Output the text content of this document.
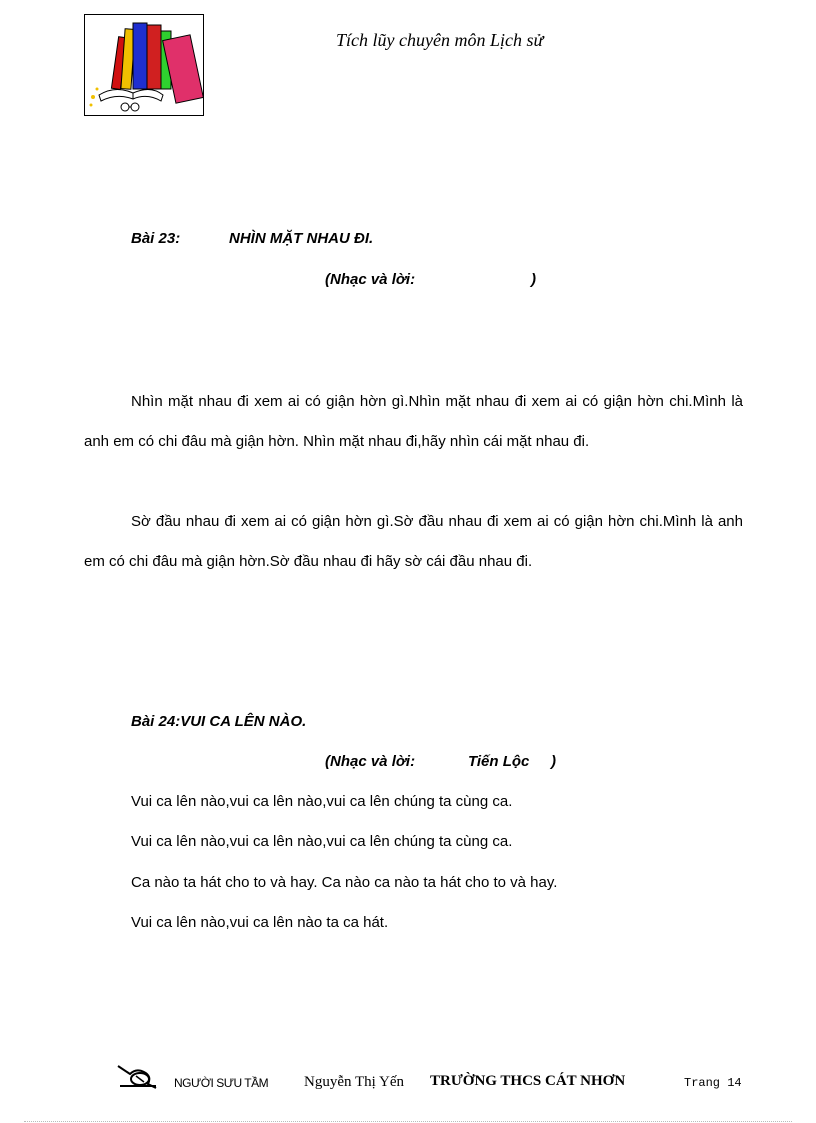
Tích lũy chuyên môn Lịch sử
Bài 23:	NHÌN MẶT NHAU ĐI.
(Nhạc và lời:	)

Nhìn mặt nhau đi xem ai có giận hờn gì.Nhìn mặt nhau đi xem ai có giận hờn chi.Mình là anh em có chi đâu mà giận hờn. Nhìn mặt nhau đi,hãy nhìn cái mặt nhau đi.

Sờ đầu nhau đi xem ai có giận hờn gì.Sờ đầu nhau đi xem ai có giận hờn chi.Mình là anh em có chi đâu mà giận hờn.Sờ đầu nhau đi hãy sờ cái đầu nhau đi.

Bài 24:VUI CA LÊN NÀO.
(Nhạc và lời:	Tiến Lộc )
Vui ca lên nào,vui ca lên nào,vui ca lên chúng ta cùng ca.
Vui ca lên nào,vui ca lên nào,vui ca lên chúng ta cùng ca.
Ca nào ta hát cho to và hay. Ca nào ca nào ta hát cho to và hay.
Vui ca lên nào,vui ca lên nào ta ca hát.
NGƯỜI SƯU TẦM Nguyễn Thị Yến TRƯỜNG THCS CÁT NHƠN	Trang 14
